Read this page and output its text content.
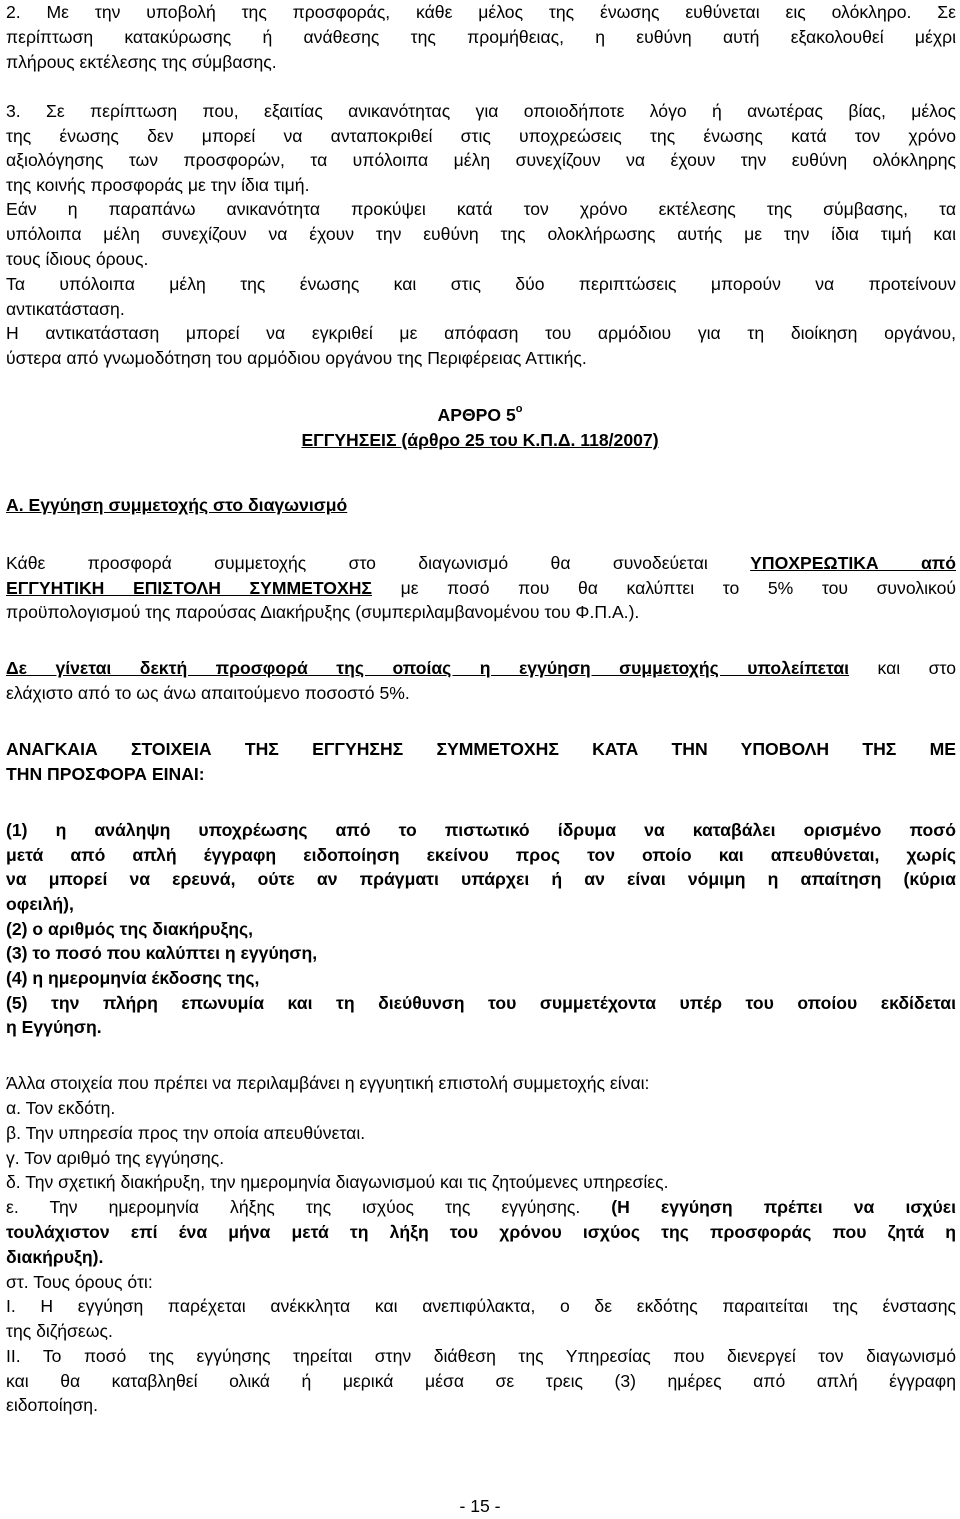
2. Με την υποβολή της προσφοράς, κάθε μέλος της ένωσης ευθύνεται εις ολόκληρο. Σε

περίπτωση κατακύρωσης ή ανάθεσης της προμήθειας, η ευθύνη αυτή εξακολουθεί μέχρι

πλήρους εκτέλεσης της σύμβασης.

3. Σε περίπτωση που, εξαιτίας ανικανότητας για οποιοδήποτε λόγο ή ανωτέρας βίας, μέλος

της ένωσης δεν μπορεί να ανταποκριθεί στις υποχρεώσεις της ένωσης κατά τον χρόνο

αξιολόγησης των προσφορών, τα υπόλοιπα μέλη συνεχίζουν να έχουν την ευθύνη ολόκληρης

της κοινής προσφοράς με την ίδια τιμή.

Εάν η παραπάνω ανικανότητα προκύψει κατά τον χρόνο εκτέλεσης της σύμβασης, τα

υπόλοιπα μέλη συνεχίζουν να έχουν την ευθύνη της ολοκλήρωσης αυτής με την ίδια τιμή και

τους ίδιους όρους.

Τα υπόλοιπα μέλη της ένωσης και στις δύο περιπτώσεις μπορούν να προτείνουν

αντικατάσταση.

Η αντικατάσταση μπορεί να εγκριθεί με απόφαση του αρμόδιου για τη διοίκηση οργάνου,

ύστερα από γνωμοδότηση του αρμόδιου οργάνου της Περιφέρειας Αττικής.

ΑΡΘΡΟ $5^o$

ΕΓΓΥΗΣΕΙΣ (άρθρο 25 του Κ.Π.Δ. 118/2007)

Α. Εγγύηση συμμετοχής στο διαγωνισμό

Κάθε προσφορά συμμετοχής στο διαγωνισμό θα συνοδεύεται ΥΠΟΧΡΕΩΤΙΚΑ από

ΕΓΓΥΗΤΙΚΗ ΕΠΙΣΤΟΛΗ ΣΥΜΜΕΤΟΧΗΣ με ποσό που θα καλύπτει το 5% του συνολικού

προϋπολογισμού της παρούσας Διακήρυξης (συμπεριλαμβανομένου του Φ.Π.Α.).

Δε γίνεται δεκτή προσφορά της οποίας η εγγύηση συμμετοχής υπολείπεται και στο

ελάχιστο από το ως άνω απαιτούμενο ποσοστό 5%.

ΑΝΑΓΚΑΙΑ ΣΤΟΙΧΕΙΑ ΤΗΣ ΕΓΓΥΗΣΗΣ ΣΥΜΜΕΤΟΧΗΣ ΚΑΤΑ ΤΗΝ ΥΠΟΒΟΛΗ ΤΗΣ ΜΕ

ΤΗΝ ΠΡΟΣΦΟΡΑ ΕΙΝΑΙ:

(1) η ανάληψη υποχρέωσης από το πιστωτικό ίδρυμα να καταβάλει ορισμένο ποσό

μετά από απλή έγγραφη ειδοποίηση εκείνου προς τον οποίο και απευθύνεται, χωρίς

να μπορεί να ερευνά, ούτε αν πράγματι υπάρχει ή αν είναι νόμιμη η απαίτηση (κύρια

οφειλή),

(2) ο αριθμός της διακήρυξης,

(3) το ποσό που καλύπτει η εγγύηση,

(4) η ημερομηνία έκδοσης της,

(5) την πλήρη επωνυμία και τη διεύθυνση του συμμετέχοντα υπέρ του οποίου εκδίδεται

η Εγγύηση.

Άλλα στοιχεία που πρέπει να περιλαμβάνει η εγγυητική επιστολή συμμετοχής είναι:

α. Τον εκδότη.

β. Την υπηρεσία προς την οποία απευθύνεται.

γ. Τον αριθμό της εγγύησης.

δ. Την σχετική διακήρυξη, την ημερομηνία διαγωνισμού και τις ζητούμενες υπηρεσίες.

ε. Την ημερομηνία λήξης της ισχύος της εγγύησης. (Η εγγύηση πρέπει να ισχύει

τουλάχιστον επί ένα μήνα μετά τη λήξη του χρόνου ισχύος της προσφοράς που ζητά η

διακήρυξη).

στ. Τους όρους ότι:

Ι. Η εγγύηση παρέχεται ανέκκλητα και ανεπιφύλακτα, ο δε εκδότης παραιτείται της ένστασης

της διζήσεως.

ΙΙ. Το ποσό της εγγύησης τηρείται στην διάθεση της Υπηρεσίας που διενεργεί τον διαγωνισμό

και θα καταβληθεί ολικά ή μερικά μέσα σε τρεις (3) ημέρες από απλή έγγραφη

ειδοποίηση.

- 15 -
